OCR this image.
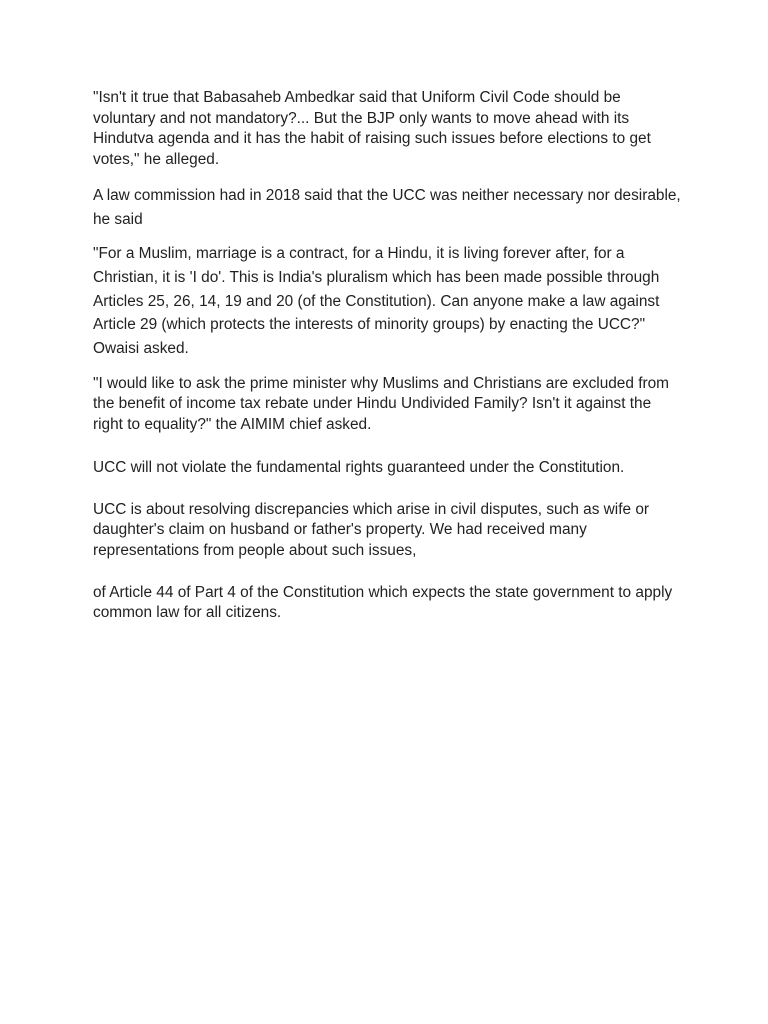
"Isn't it true that Babasaheb Ambedkar said that Uniform Civil Code should be voluntary and not mandatory?... But the BJP only wants to move ahead with its Hindutva agenda and it has the habit of raising such issues before elections to get votes," he alleged.

A law commission had in 2018 said that the UCC was neither necessary nor desirable, he said

"For a Muslim, marriage is a contract, for a Hindu, it is living forever after, for a Christian, it is 'I do'. This is India's pluralism which has been made possible through Articles 25, 26, 14, 19 and 20 (of the Constitution). Can anyone make a law against Article 29 (which protects the interests of minority groups) by enacting the UCC?" Owaisi asked.

"I would like to ask the prime minister why Muslims and Christians are excluded from the benefit of income tax rebate under Hindu Undivided Family? Isn't it against the right to equality?" the AIMIM chief asked.

UCC will not violate the fundamental rights guaranteed under the Constitution.

UCC is about resolving discrepancies which arise in civil disputes, such as wife or daughter's claim on husband or father's property. We had received many representations from people about such issues,

of Article 44 of Part 4 of the Constitution which expects the state government to apply common law for all citizens.
